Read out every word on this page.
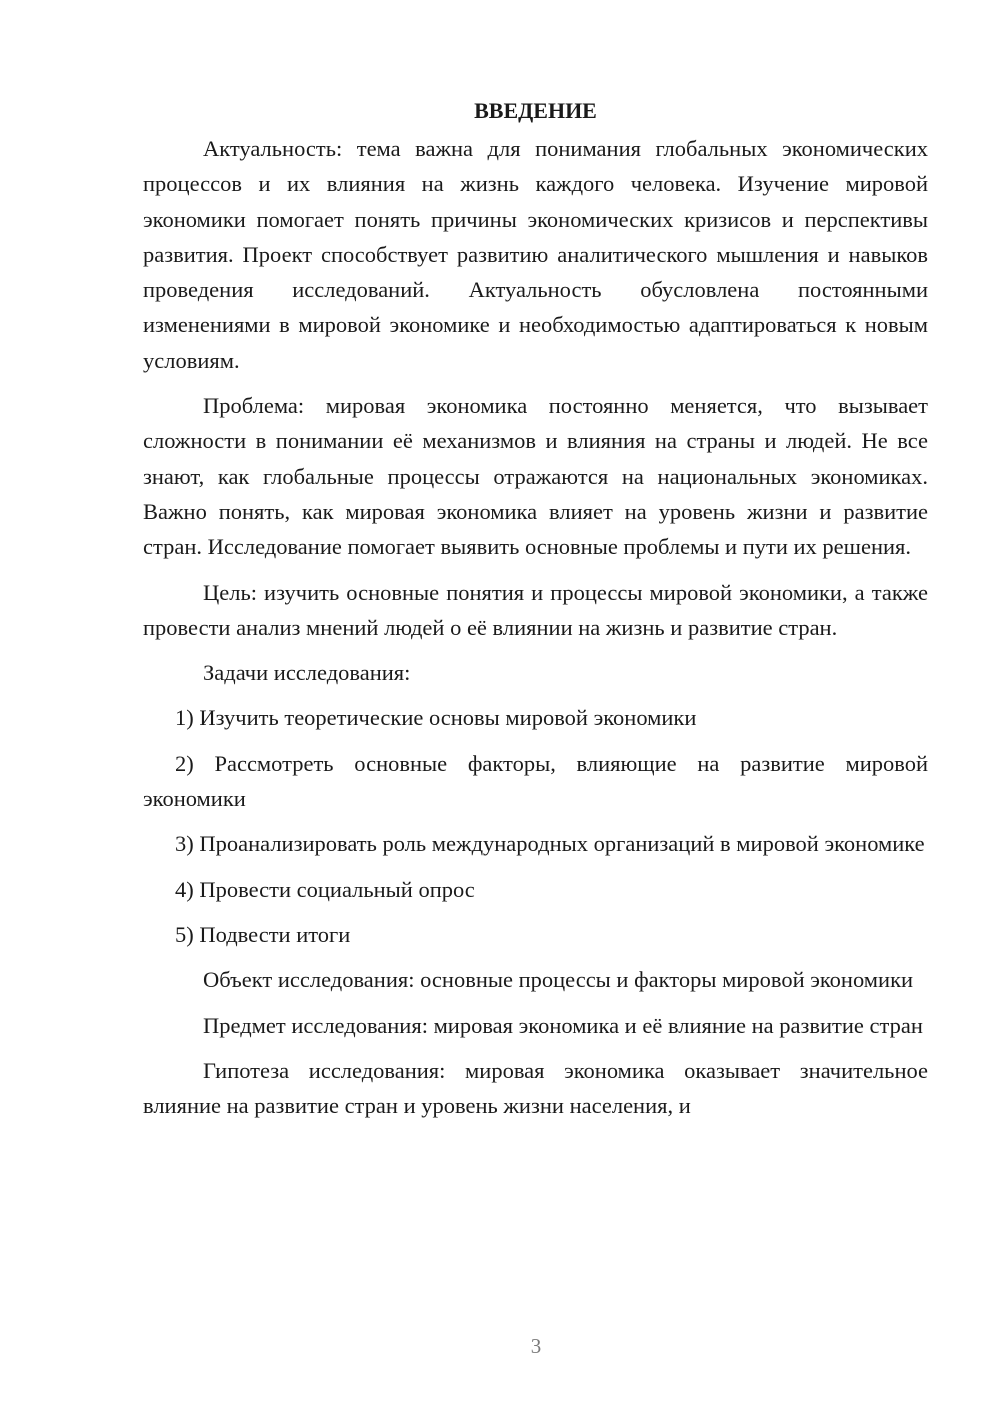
ВВЕДЕНИЕ

Актуальность: тема важна для понимания глобальных экономических процессов и их влияния на жизнь каждого человека. Изучение мировой экономики помогает понять причины экономических кризисов и перспективы развития. Проект способствует развитию аналитического мышления и навыков проведения исследований. Актуальность обусловлена постоянными изменениями в мировой экономике и необходимостью адаптироваться к новым условиям.

Проблема: мировая экономика постоянно меняется, что вызывает сложности в понимании её механизмов и влияния на страны и людей. Не все знают, как глобальные процессы отражаются на национальных экономиках. Важно понять, как мировая экономика влияет на уровень жизни и развитие стран. Исследование помогает выявить основные проблемы и пути их решения.

Цель: изучить основные понятия и процессы мировой экономики, а также провести анализ мнений людей о её влиянии на жизнь и развитие стран.

Задачи исследования:

1) Изучить теоретические основы мировой экономики

2) Рассмотреть основные факторы, влияющие на развитие мировой экономики

3) Проанализировать роль международных организаций в мировой экономике

4) Провести социальный опрос

5) Подвести итоги

Объект исследования: основные процессы и факторы мировой экономики

Предмет исследования: мировая экономика и её влияние на развитие стран

Гипотеза исследования: мировая экономика оказывает значительное влияние на развитие стран и уровень жизни населения, и

3
